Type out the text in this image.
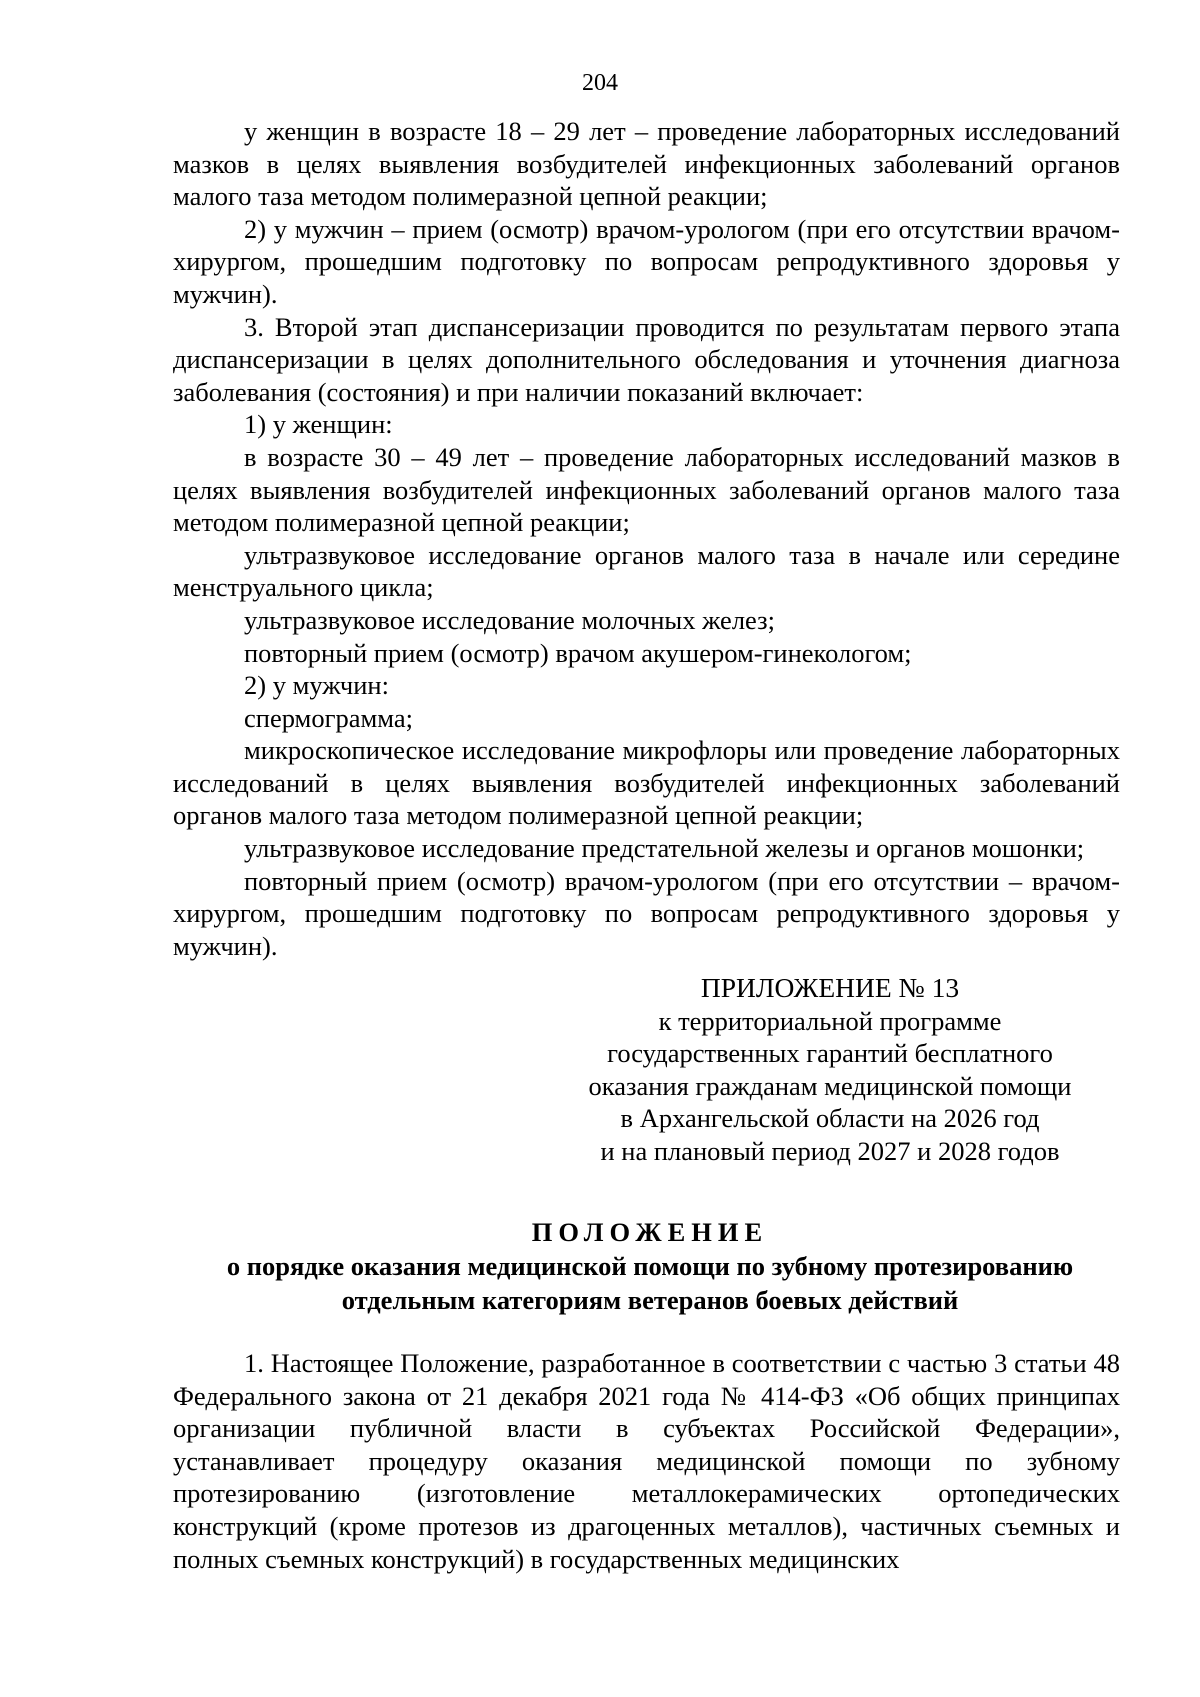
204

у женщин в возрасте 18 – 29 лет – проведение лабораторных исследований мазков в целях выявления возбудителей инфекционных заболеваний органов малого таза методом полимеразной цепной реакции;

2) у мужчин – прием (осмотр) врачом-урологом (при его отсутствии врачом-хирургом, прошедшим подготовку по вопросам репродуктивного здоровья у мужчин).

3. Второй этап диспансеризации проводится по результатам первого этапа диспансеризации в целях дополнительного обследования и уточнения диагноза заболевания (состояния) и при наличии показаний включает:

1) у женщин:

в возрасте 30 – 49 лет – проведение лабораторных исследований мазков в целях выявления возбудителей инфекционных заболеваний органов малого таза методом полимеразной цепной реакции;

ультразвуковое исследование органов малого таза в начале или середине менструального цикла;

ультразвуковое исследование молочных желез;

повторный прием (осмотр) врачом акушером-гинекологом;

2) у мужчин:

спермограмма;

микроскопическое исследование микрофлоры или проведение лабораторных исследований в целях выявления возбудителей инфекционных заболеваний органов малого таза методом полимеразной цепной реакции;

ультразвуковое исследование предстательной железы и органов мошонки;

повторный прием (осмотр) врачом-урологом (при его отсутствии – врачом-хирургом, прошедшим подготовку по вопросам репродуктивного здоровья у мужчин).

ПРИЛОЖЕНИЕ № 13
к территориальной программе
государственных гарантий бесплатного
оказания гражданам медицинской помощи
в Архангельской области на 2026 год
и на плановый период 2027 и 2028 годов
ПОЛОЖЕНИЕ
о порядке оказания медицинской помощи по зубному протезированию
отдельным категориям ветеранов боевых действий

1. Настоящее Положение, разработанное в соответствии с частью 3 статьи 48 Федерального закона от 21 декабря 2021 года № 414-ФЗ «Об общих принципах организации публичной власти в субъектах Российской Федерации», устанавливает процедуру оказания медицинской помощи по зубному протезированию (изготовление металлокерамических ортопедических конструкций (кроме протезов из драгоценных металлов), частичных съемных и полных съемных конструкций) в государственных медицинских
